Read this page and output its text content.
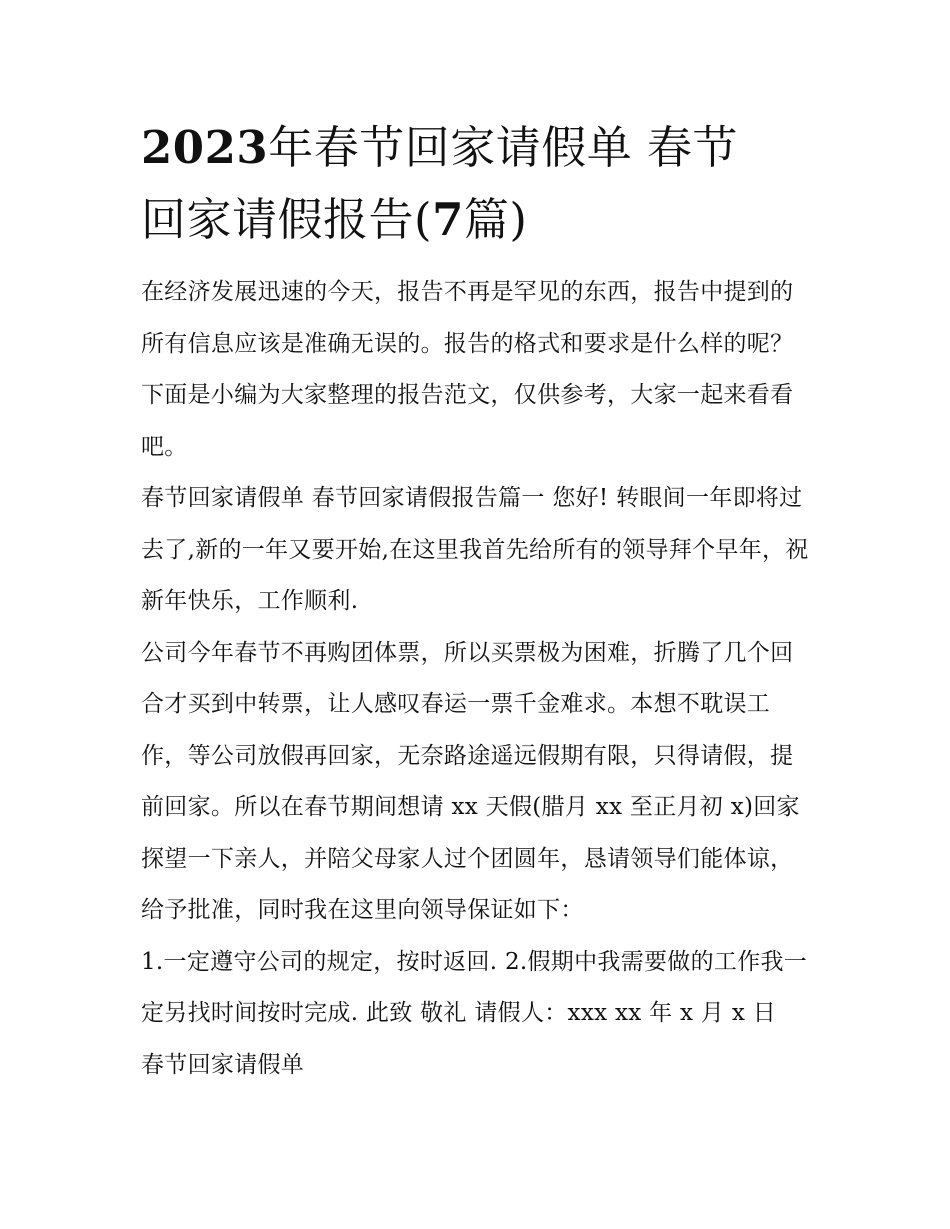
2023年春节回家请假单 春节
回家请假报告(7篇)

在经济发展迅速的今天，报告不再是罕见的东西，报告中提到的所有信息应该是准确无误的。报告的格式和要求是什么样的呢？下面是小编为大家整理的报告范文，仅供参考，大家一起来看看吧。

春节回家请假单 春节回家请假报告篇一 您好! 转眼间一年即将过去了,新的一年又要开始,在这里我首先给所有的领导拜个早年，祝新年快乐，工作顺利.

公司今年春节不再购团体票，所以买票极为困难，折腾了几个回合才买到中转票，让人感叹春运一票千金难求。本想不耽误工作，等公司放假再回家，无奈路途遥远假期有限，只得请假，提前回家。所以在春节期间想请 xx 天假(腊月 xx 至正月初 x)回家探望一下亲人，并陪父母家人过个团圆年，恳请领导们能体谅，给予批准，同时我在这里向领导保证如下：

1.一定遵守公司的规定，按时返回. 2.假期中我需要做的工作我一定另找时间按时完成. 此致 敬礼 请假人：xxx xx 年 x 月 x 日

春节回家请假单
